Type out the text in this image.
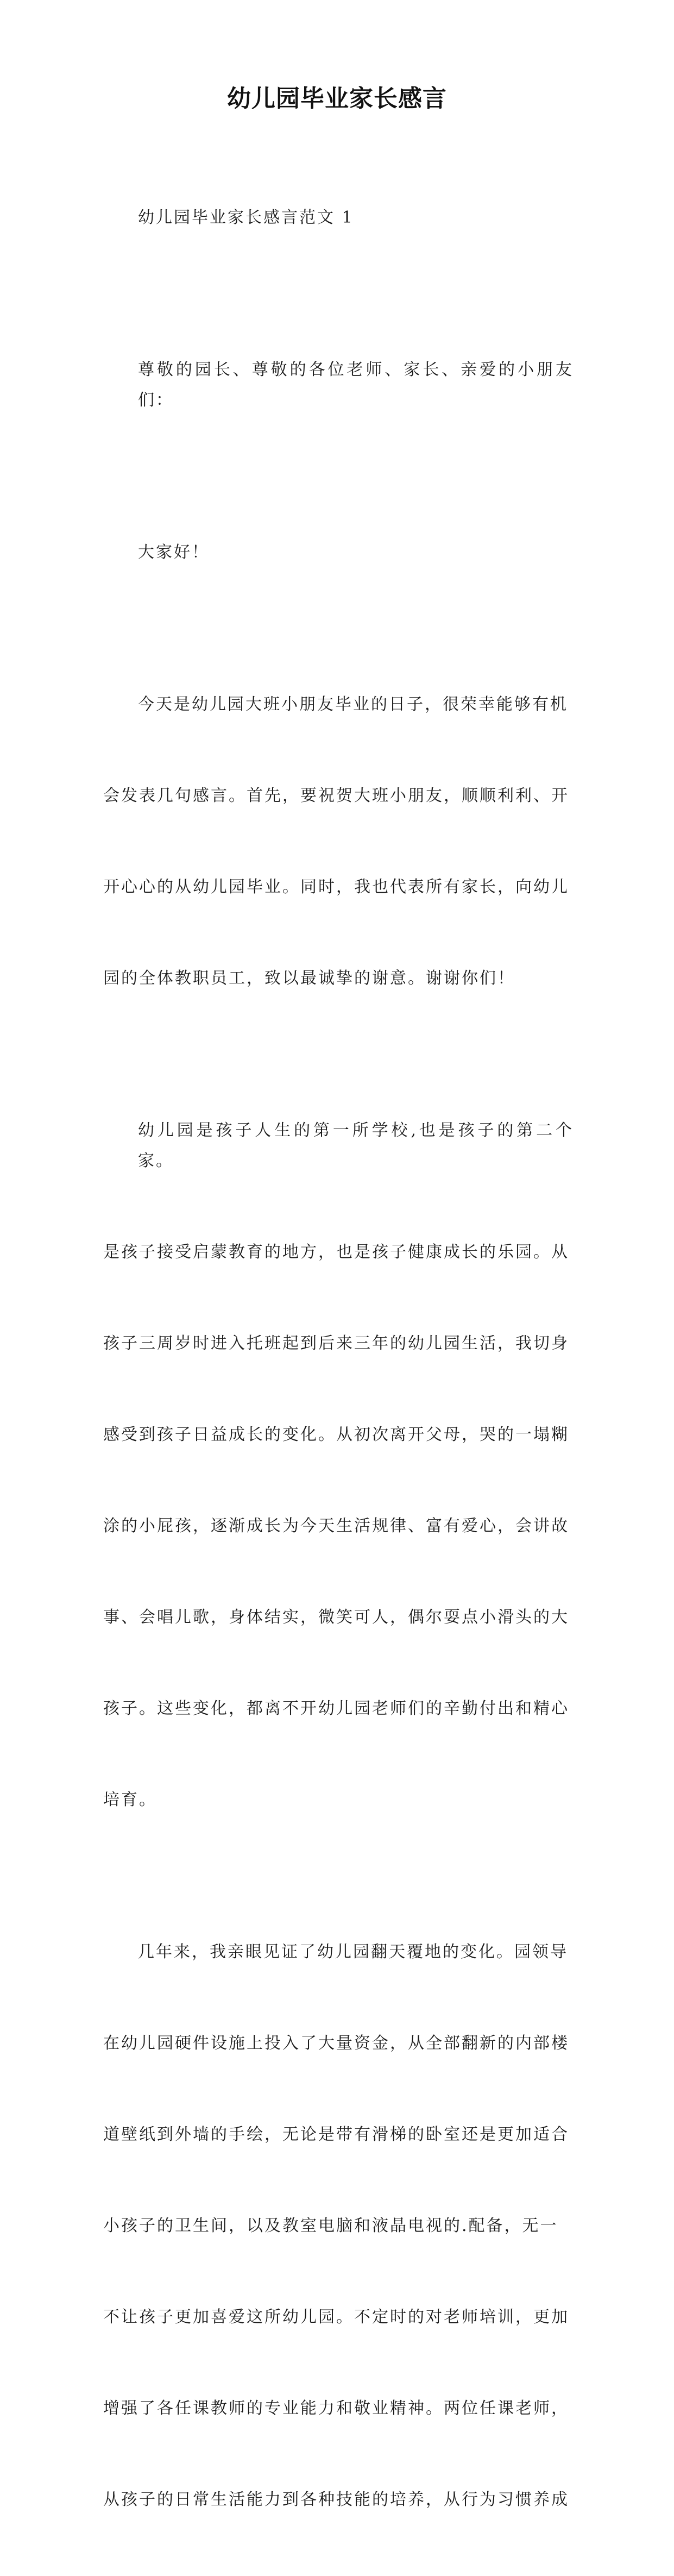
幼儿园毕业家长感言

幼儿园毕业家长感言范文 1

尊敬的园长、尊敬的各位老师、家长、亲爱的小朋友们：

大家好！

今天是幼儿园大班小朋友毕业的日子，很荣幸能够有机

会发表几句感言。首先，要祝贺大班小朋友，顺顺利利、开

开心心的从幼儿园毕业。同时，我也代表所有家长，向幼儿

园的全体教职员工，致以最诚挚的谢意。谢谢你们！

幼儿园是孩子人生的第一所学校,也是孩子的第二个家。

是孩子接受启蒙教育的地方，也是孩子健康成长的乐园。从

孩子三周岁时进入托班起到后来三年的幼儿园生活，我切身

感受到孩子日益成长的变化。从初次离开父母，哭的一塌糊

涂的小屁孩，逐渐成长为今天生活规律、富有爱心，会讲故

事、会唱儿歌，身体结实，微笑可人，偶尔耍点小滑头的大

孩子。这些变化，都离不开幼儿园老师们的辛勤付出和精心

培育。

几年来，我亲眼见证了幼儿园翻天覆地的变化。园领导

在幼儿园硬件设施上投入了大量资金，从全部翻新的内部楼

道壁纸到外墙的手绘，无论是带有滑梯的卧室还是更加适合

小孩子的卫生间，以及教室电脑和液晶电视的.配备，无一

不让孩子更加喜爱这所幼儿园。不定时的对老师培训，更加

增强了各任课教师的专业能力和敬业精神。两位任课老师，

从孩子的日常生活能力到各种技能的培养，从行为习惯养成
